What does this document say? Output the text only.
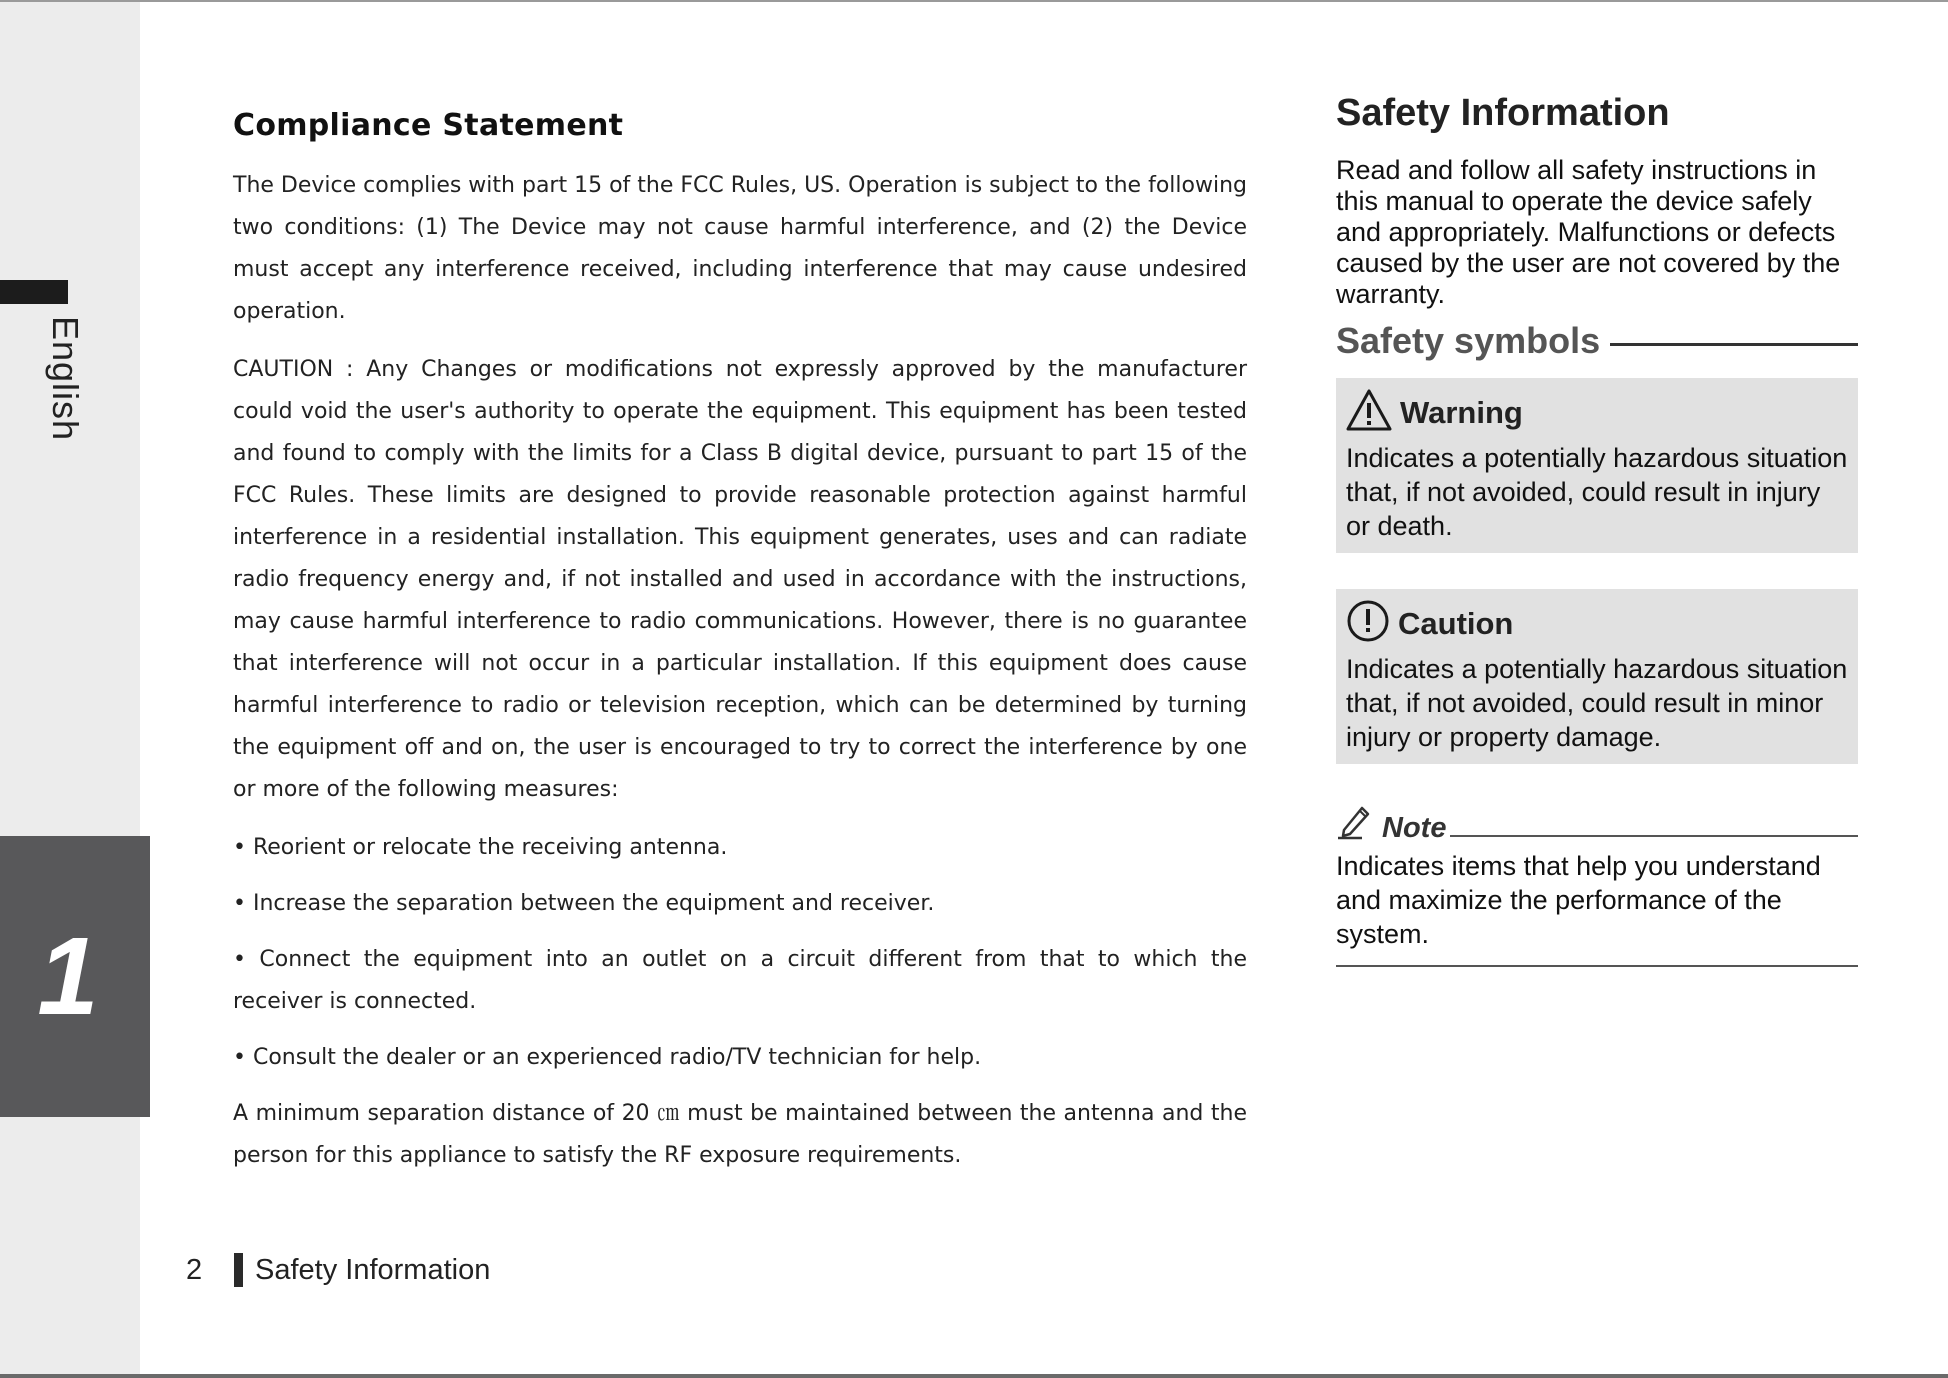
English
1
Compliance Statement

The Device complies with part 15 of the FCC Rules, US. Operation is subject to the following two conditions: (1) The Device may not cause harmful interference, and (2) the Device must accept any interference received, including interference that may cause undesired operation.

CAUTION : Any Changes or modifications not expressly approved by the manufacturer could void the user's authority to operate the equipment. This equipment has been tested and found to comply with the limits for a Class B digital device, pursuant to part 15 of the FCC Rules. These limits are designed to provide reasonable protection against harmful interference in a residential installation. This equipment generates, uses and can radiate radio frequency energy and, if not installed and used in accordance with the instructions, may cause harmful interference to radio communications. However, there is no guarantee that interference will not occur in a particular installation. If this equipment does cause harmful interference to radio or television reception, which can be determined by turning the equipment off and on, the user is encouraged to try to correct the interference by one or more of the following measures:

• Reorient or relocate the receiving antenna.

• Increase the separation between the equipment and receiver.

• Connect the equipment into an outlet on a circuit different from that to which the receiver is connected.

• Consult the dealer or an experienced radio/TV technician for help.

A minimum separation distance of 20 ㎝ must be maintained between the antenna and the person for this appliance to satisfy the RF exposure requirements.

Safety Information

Read and follow all safety instructions in this manual to operate the device safely and appropriately. Malfunctions or defects caused by the user are not covered by the warranty.

Safety symbols
Warning

Indicates a potentially hazardous situation that, if not avoided, could result in injury or death.

Caution

Indicates a potentially hazardous situation that, if not avoided, could result in minor injury or property damage.

Note

Indicates items that help you understand and maximize the performance of the system.

2	Safety Information
